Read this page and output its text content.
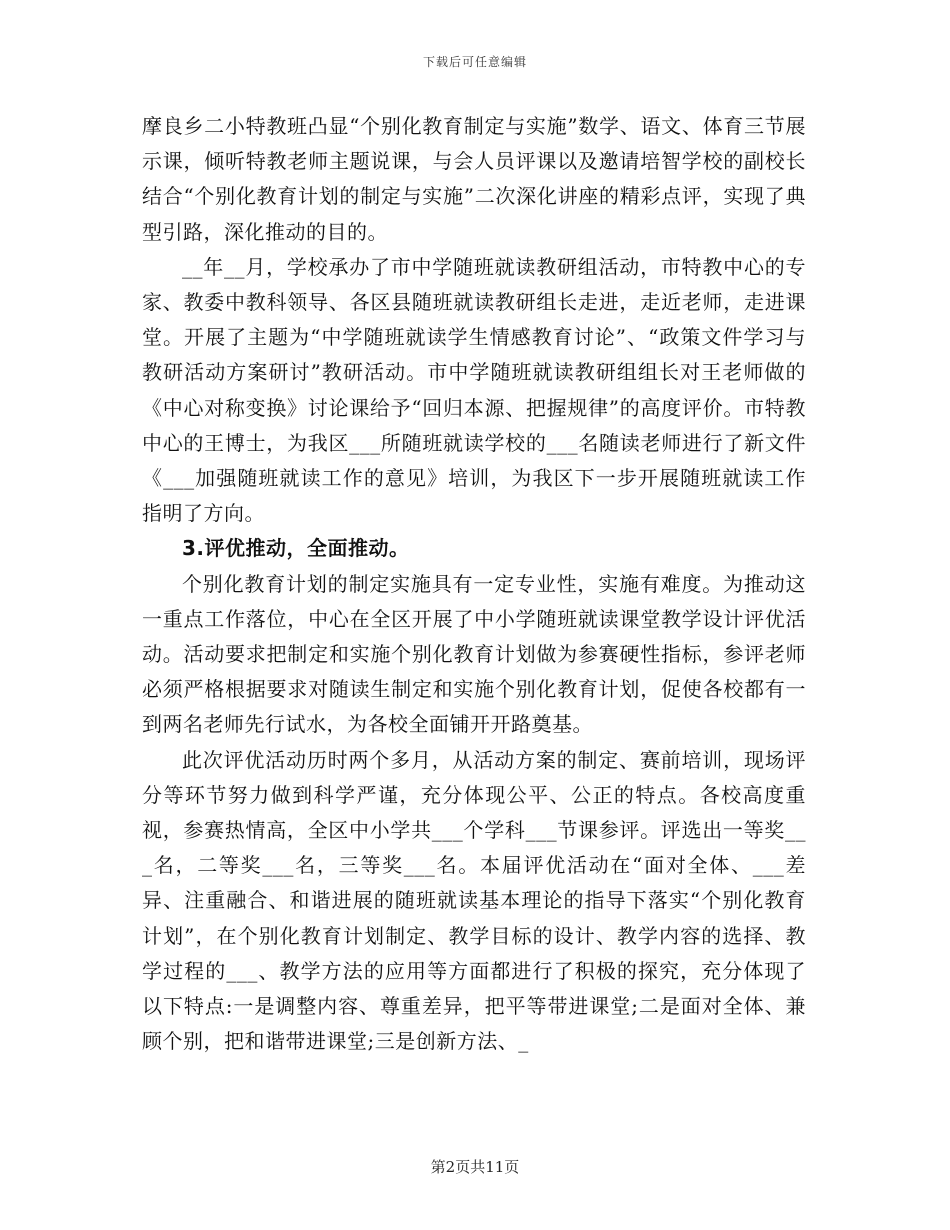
下载后可任意编辑

摩良乡二小特教班凸显“个别化教育制定与实施”数学、语文、体育三节展示课，倾听特教老师主题说课，与会人员评课以及邀请培智学校的副校长结合“个别化教育计划的制定与实施”二次深化讲座的精彩点评，实现了典型引路，深化推动的目的。

__年__月，学校承办了市中学随班就读教研组活动，市特教中心的专家、教委中教科领导、各区县随班就读教研组长走进，走近老师，走进课堂。开展了主题为“中学随班就读学生情感教育讨论”、“政策文件学习与教研活动方案研讨”教研活动。市中学随班就读教研组组长对王老师做的《中心对称变换》讨论课给予“回归本源、把握规律”的高度评价。市特教中心的王博士，为我区___所随班就读学校的___名随读老师进行了新文件《___加强随班就读工作的意见》培训，为我区下一步开展随班就读工作指明了方向。

3.评优推动，全面推动。

个别化教育计划的制定实施具有一定专业性，实施有难度。为推动这一重点工作落位，中心在全区开展了中小学随班就读课堂教学设计评优活动。活动要求把制定和实施个别化教育计划做为参赛硬性指标，参评老师必须严格根据要求对随读生制定和实施个别化教育计划，促使各校都有一到两名老师先行试水，为各校全面铺开开路奠基。

此次评优活动历时两个多月，从活动方案的制定、赛前培训，现场评分等环节努力做到科学严谨，充分体现公平、公正的特点。各校高度重视，参赛热情高，全区中小学共___个学科___节课参评。评选出一等奖___名，二等奖___名，三等奖___名。本届评优活动在“面对全体、___差异、注重融合、和谐进展的随班就读基本理论的指导下落实“个别化教育计划”，在个别化教育计划制定、教学目标的设计、教学内容的选择、教学过程的___、教学方法的应用等方面都进行了积极的探究，充分体现了以下特点:一是调整内容、尊重差异，把平等带进课堂;二是面对全体、兼顾个别，把和谐带进课堂;三是创新方法、_

第2页共11页
